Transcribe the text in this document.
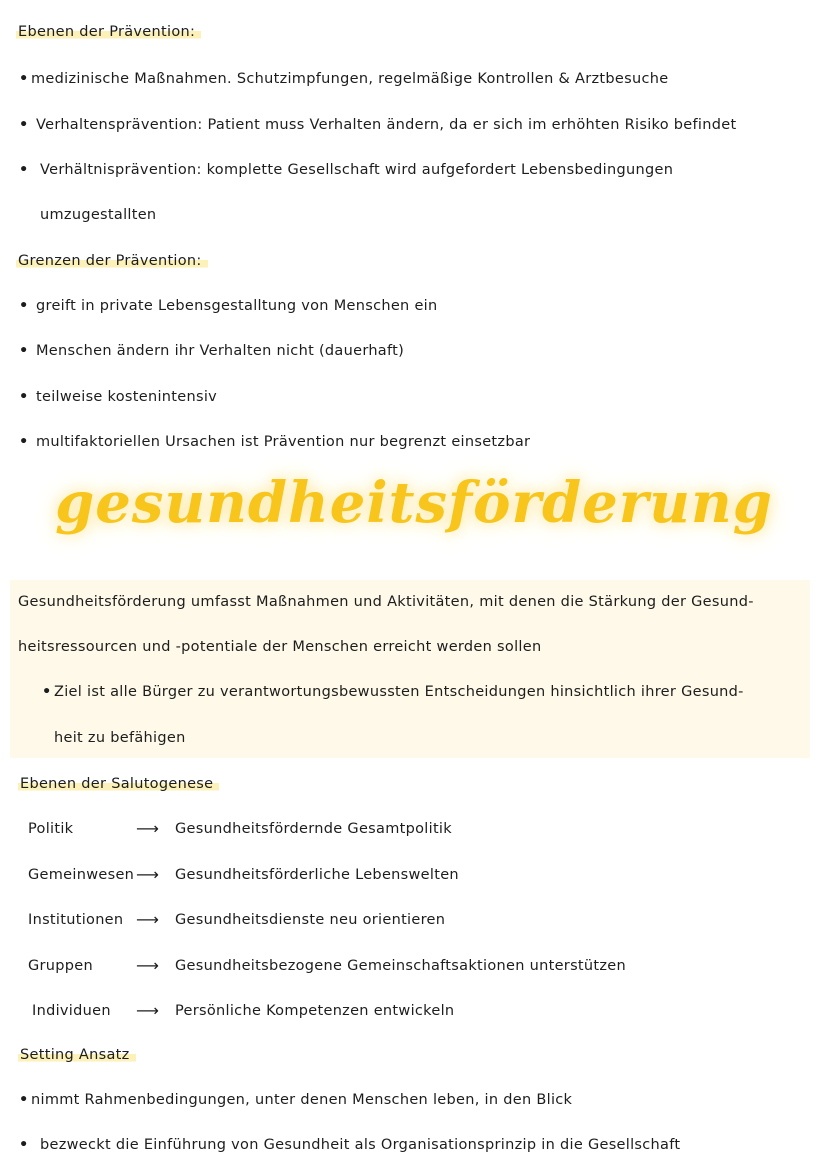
Ebenen der Prävention:
• medizinische Maßnahmen. Schutzimpfungen, regelmäßige Kontrollen & Arztbesuche
• Verhaltensprävention: Patient muss Verhalten ändern, da er sich im erhöhten Risiko befindet
• Verhältnisprävention: komplette Gesellschaft wird aufgefordert Lebensbedingungen
umzugestallten
Grenzen der Prävention:
• greift in private Lebensgestalltung von Menschen ein
• Menschen ändern ihr Verhalten nicht (dauerhaft)
• teilweise kostenintensiv
• multifaktoriellen Ursachen ist Prävention nur begrenzt einsetzbar
gesundheitsförderung
Gesundheitsförderung umfasst Maßnahmen und Aktivitäten, mit denen die Stärkung der Gesund-
heitsressourcen und -potentiale der Menschen erreicht werden sollen
• Ziel ist alle Bürger zu verantwortungsbewussten Entscheidungen hinsichtlich ihrer Gesund-
heit zu befähigen
Ebenen der Salutogenese
Politik	⟶ Gesundheitsfördernde Gesamtpolitik
Gemeinwesen ⟶ Gesundheitsförderliche Lebenswelten
Institutionen ⟶ Gesundheitsdienste neu orientieren
Gruppen	⟶ Gesundheitsbezogene Gemeinschaftsaktionen unterstützen
Individuen ⟶ Persönliche Kompetenzen entwickeln
Setting Ansatz
• nimmt Rahmenbedingungen, unter denen Menschen leben, in den Blick
• bezweckt die Einführung von Gesundheit als Organisationsprinzip in die Gesellschaft
